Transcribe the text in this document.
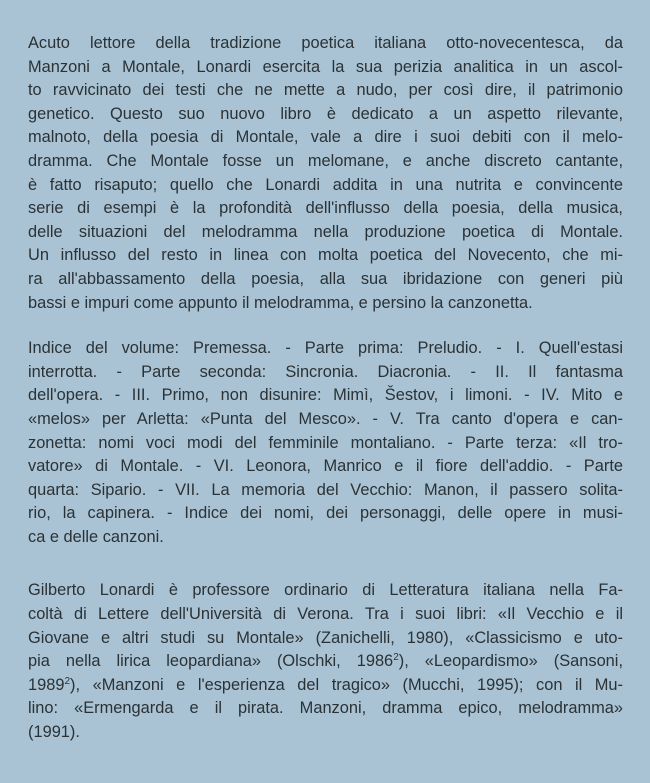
Acuto lettore della tradizione poetica italiana otto-novecentesca, da
Manzoni a Montale, Lonardi esercita la sua perizia analitica in un ascol-
to ravvicinato dei testi che ne mette a nudo, per così dire, il patrimonio
genetico. Questo suo nuovo libro è dedicato a un aspetto rilevante,
malnoto, della poesia di Montale, vale a dire i suoi debiti con il melo-
dramma. Che Montale fosse un melomane, e anche discreto cantante,
è fatto risaputo; quello che Lonardi addita in una nutrita e convincente
serie di esempi è la profondità dell'influsso della poesia, della musica,
delle situazioni del melodramma nella produzione poetica di Montale.
Un influsso del resto in linea con molta poetica del Novecento, che mi-
ra all'abbassamento della poesia, alla sua ibridazione con generi più
bassi e impuri come appunto il melodramma, e persino la canzonetta.

Indice del volume: Premessa. - Parte prima: Preludio. - I. Quell'estasi
interrotta. - Parte seconda: Sincronia. Diacronia. - II. Il fantasma
dell'opera. - III. Primo, non disunire: Mimì, Šestov, i limoni. - IV. Mito e
«melos» per Arletta: «Punta del Mesco». - V. Tra canto d'opera e can-
zonetta: nomi voci modi del femminile montaliano. - Parte terza: «Il tro-
vatore» di Montale. - VI. Leonora, Manrico e il fiore dell'addio. - Parte
quarta: Sipario. - VII. La memoria del Vecchio: Manon, il passero solita-
rio, la capinera. - Indice dei nomi, dei personaggi, delle opere in musi-
ca e delle canzoni.

Gilberto Lonardi è professore ordinario di Letteratura italiana nella Fa-
coltà di Lettere dell'Università di Verona. Tra i suoi libri: «Il Vecchio e il
Giovane e altri studi su Montale» (Zanichelli, 1980), «Classicismo e uto-
pia nella lirica leopardiana» (Olschki, 1986$^2$), «Leopardismo» (Sansoni,
1989$^2$), «Manzoni e l'esperienza del tragico» (Mucchi, 1995); con il Mu-
lino: «Ermengarda e il pirata. Manzoni, dramma epico, melodramma»
(1991).
